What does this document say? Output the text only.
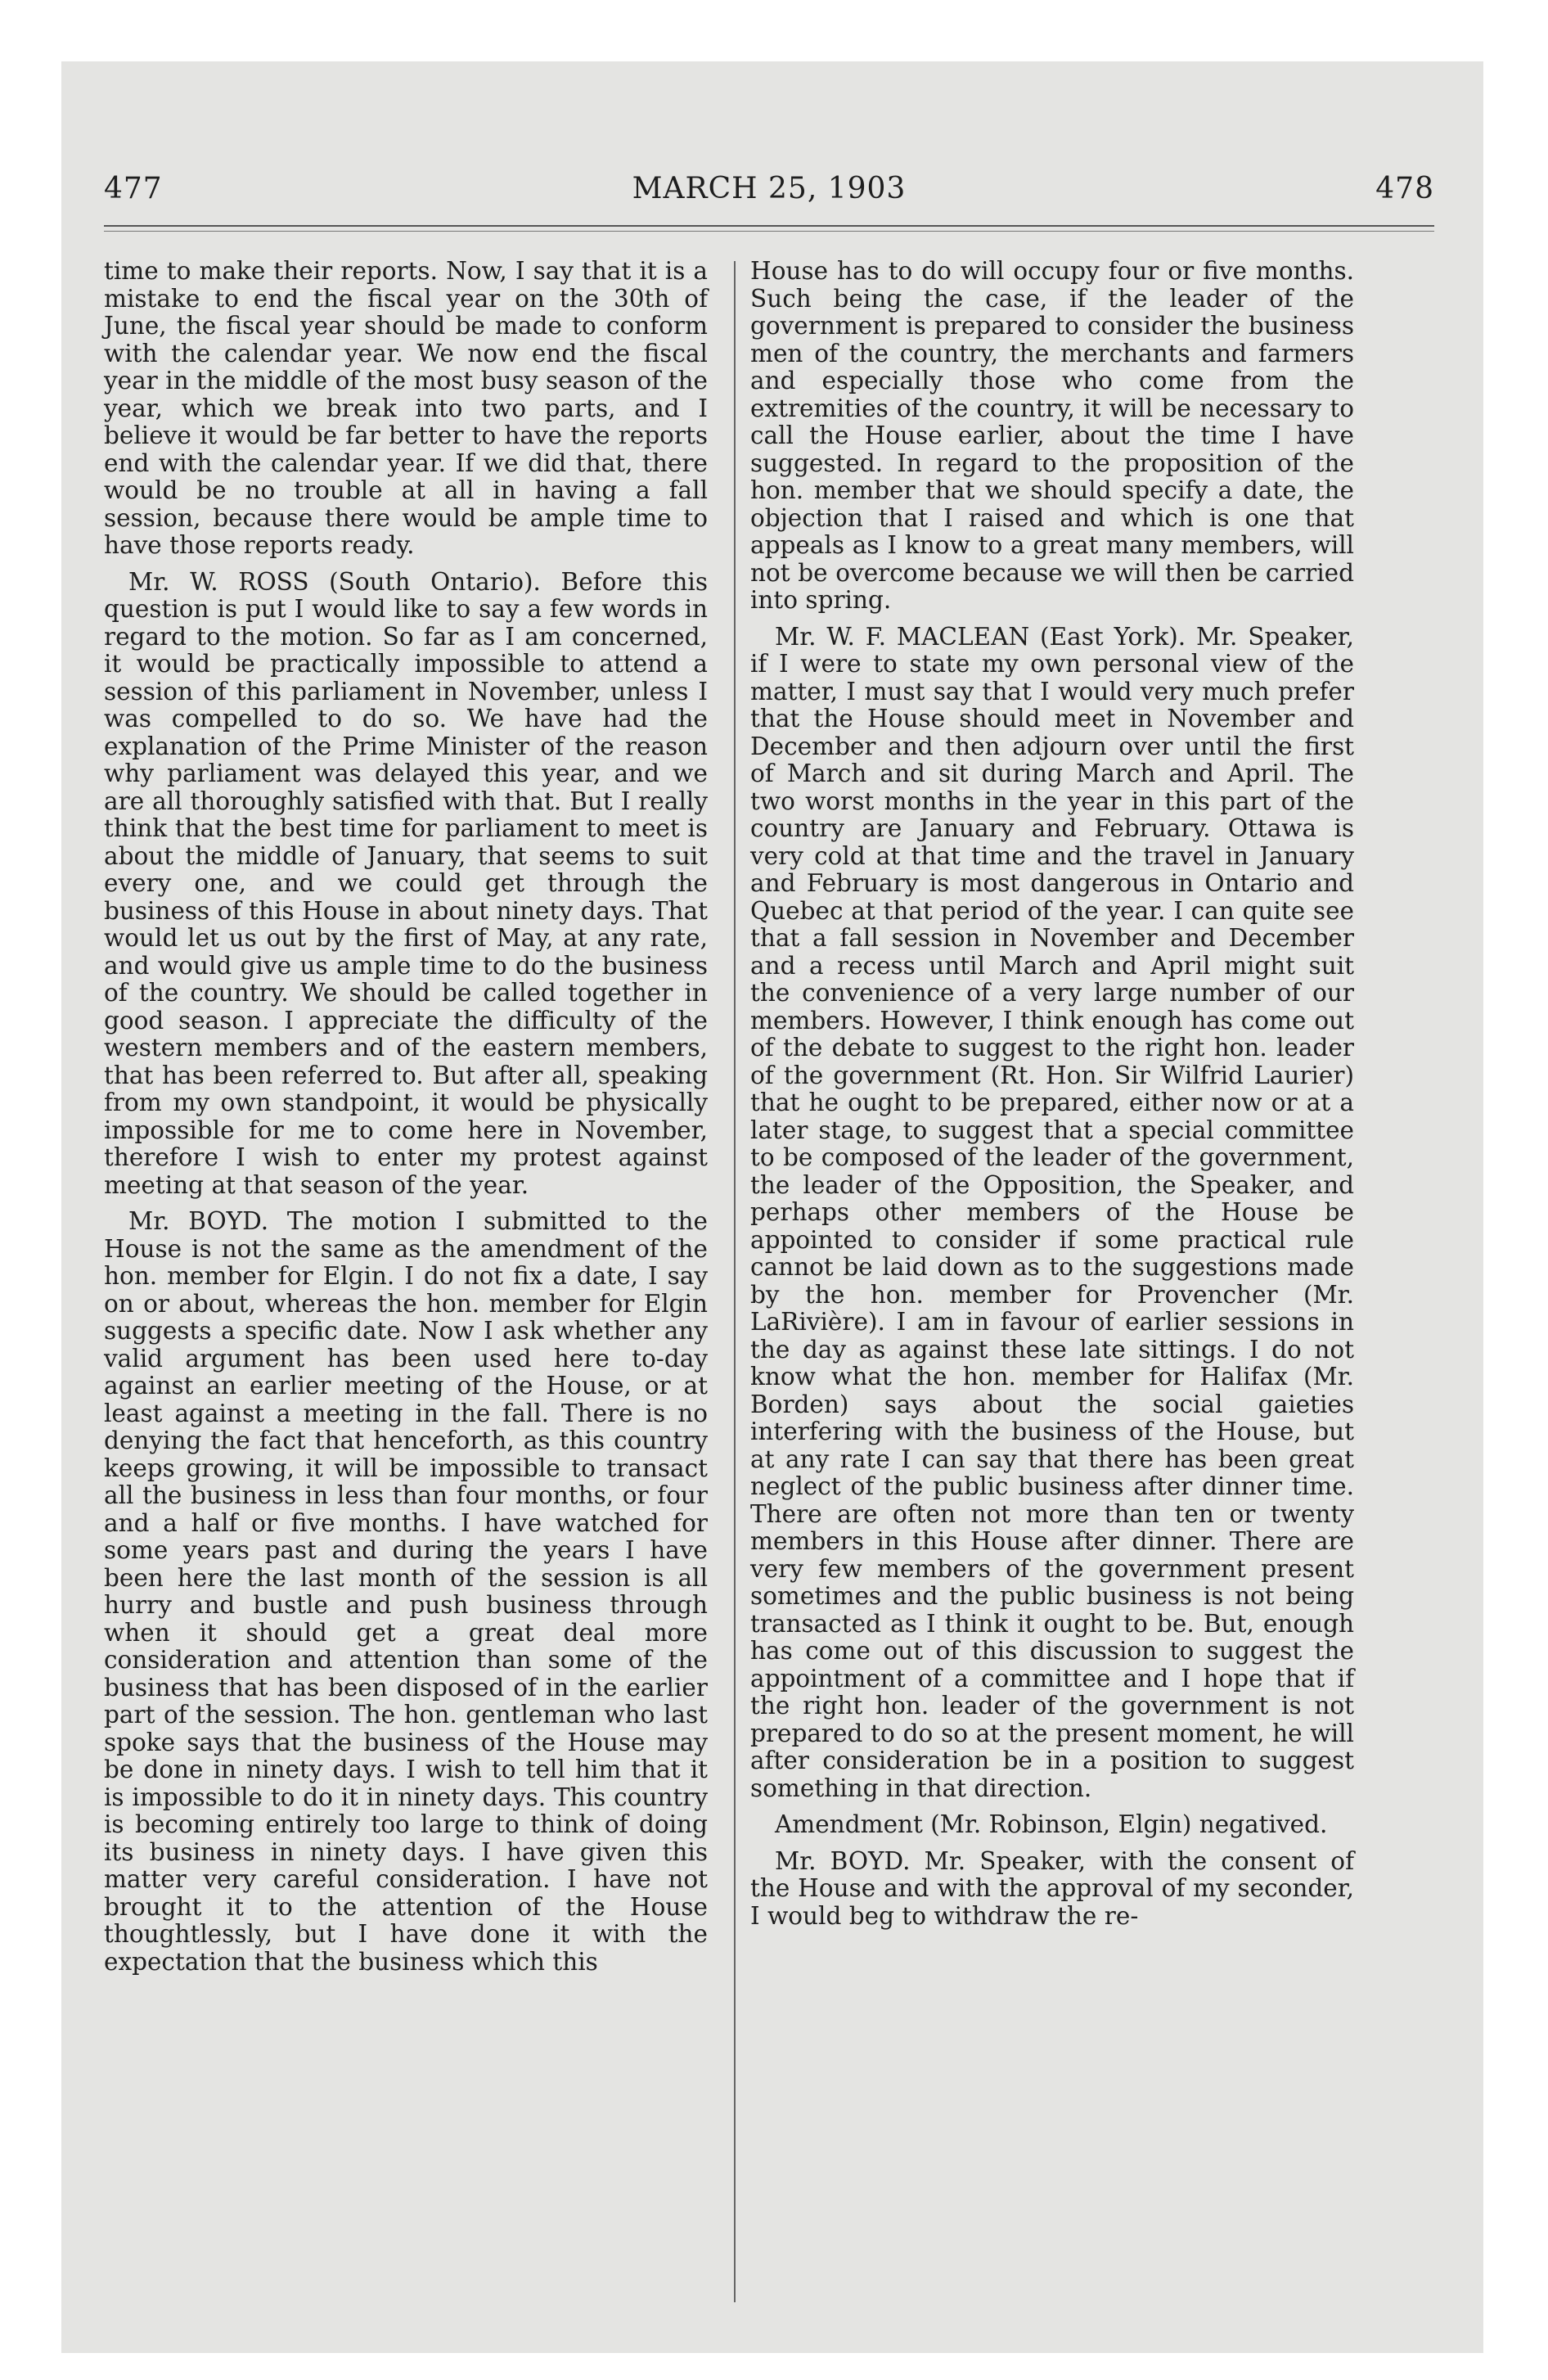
477	MARCH 25, 1903	478

time to make their reports. Now, I say that it is a mistake to end the fiscal year on the 30th of June, the fiscal year should be made to conform with the calendar year. We now end the fiscal year in the middle of the most busy season of the year, which we break into two parts, and I believe it would be far better to have the reports end with the calendar year. If we did that, there would be no trouble at all in having a fall session, because there would be ample time to have those reports ready.

Mr. W. ROSS (South Ontario). Before this question is put I would like to say a few words in regard to the motion. So far as I am concerned, it would be practically impossible to attend a session of this parliament in November, unless I was compelled to do so. We have had the explanation of the Prime Minister of the reason why parliament was delayed this year, and we are all thoroughly satisfied with that. But I really think that the best time for parliament to meet is about the middle of January, that seems to suit every one, and we could get through the business of this House in about ninety days. That would let us out by the first of May, at any rate, and would give us ample time to do the business of the country. We should be called together in good season. I appreciate the difficulty of the western members and of the eastern members, that has been referred to. But after all, speaking from my own standpoint, it would be physically impossible for me to come here in November, therefore I wish to enter my protest against meeting at that season of the year.

Mr. BOYD. The motion I submitted to the House is not the same as the amendment of the hon. member for Elgin. I do not fix a date, I say on or about, whereas the hon. member for Elgin suggests a specific date. Now I ask whether any valid argument has been used here to-day against an earlier meeting of the House, or at least against a meeting in the fall. There is no denying the fact that henceforth, as this country keeps growing, it will be impossible to transact all the business in less than four months, or four and a half or five months. I have watched for some years past and during the years I have been here the last month of the session is all hurry and bustle and push business through when it should get a great deal more consideration and attention than some of the business that has been disposed of in the earlier part of the session. The hon. gentleman who last spoke says that the business of the House may be done in ninety days. I wish to tell him that it is impossible to do it in ninety days. This country is becoming entirely too large to think of doing its business in ninety days. I have given this matter very careful consideration. I have not brought it to the attention of the House thoughtlessly, but I have done it with the expectation that the business which this

House has to do will occupy four or five months. Such being the case, if the leader of the government is prepared to consider the business men of the country, the merchants and farmers and especially those who come from the extremities of the country, it will be necessary to call the House earlier, about the time I have suggested. In regard to the proposition of the hon. member that we should specify a date, the objection that I raised and which is one that appeals as I know to a great many members, will not be overcome because we will then be carried into spring.

Mr. W. F. MACLEAN (East York). Mr. Speaker, if I were to state my own personal view of the matter, I must say that I would very much prefer that the House should meet in November and December and then adjourn over until the first of March and sit during March and April. The two worst months in the year in this part of the country are January and February. Ottawa is very cold at that time and the travel in January and February is most dangerous in Ontario and Quebec at that period of the year. I can quite see that a fall session in November and December and a recess until March and April might suit the convenience of a very large number of our members. However, I think enough has come out of the debate to suggest to the right hon. leader of the government (Rt. Hon. Sir Wilfrid Laurier) that he ought to be prepared, either now or at a later stage, to suggest that a special committee to be composed of the leader of the government, the leader of the Opposition, the Speaker, and perhaps other members of the House be appointed to consider if some practical rule cannot be laid down as to the suggestions made by the hon. member for Provencher (Mr. LaRivière). I am in favour of earlier sessions in the day as against these late sittings. I do not know what the hon. member for Halifax (Mr. Borden) says about the social gaieties interfering with the business of the House, but at any rate I can say that there has been great neglect of the public business after dinner time. There are often not more than ten or twenty members in this House after dinner. There are very few members of the government present sometimes and the public business is not being transacted as I think it ought to be. But, enough has come out of this discussion to suggest the appointment of a committee and I hope that if the right hon. leader of the government is not prepared to do so at the present moment, he will after consideration be in a position to suggest something in that direction.

Amendment (Mr. Robinson, Elgin) negatived.

Mr. BOYD. Mr. Speaker, with the consent of the House and with the approval of my seconder, I would beg to withdraw the re-
